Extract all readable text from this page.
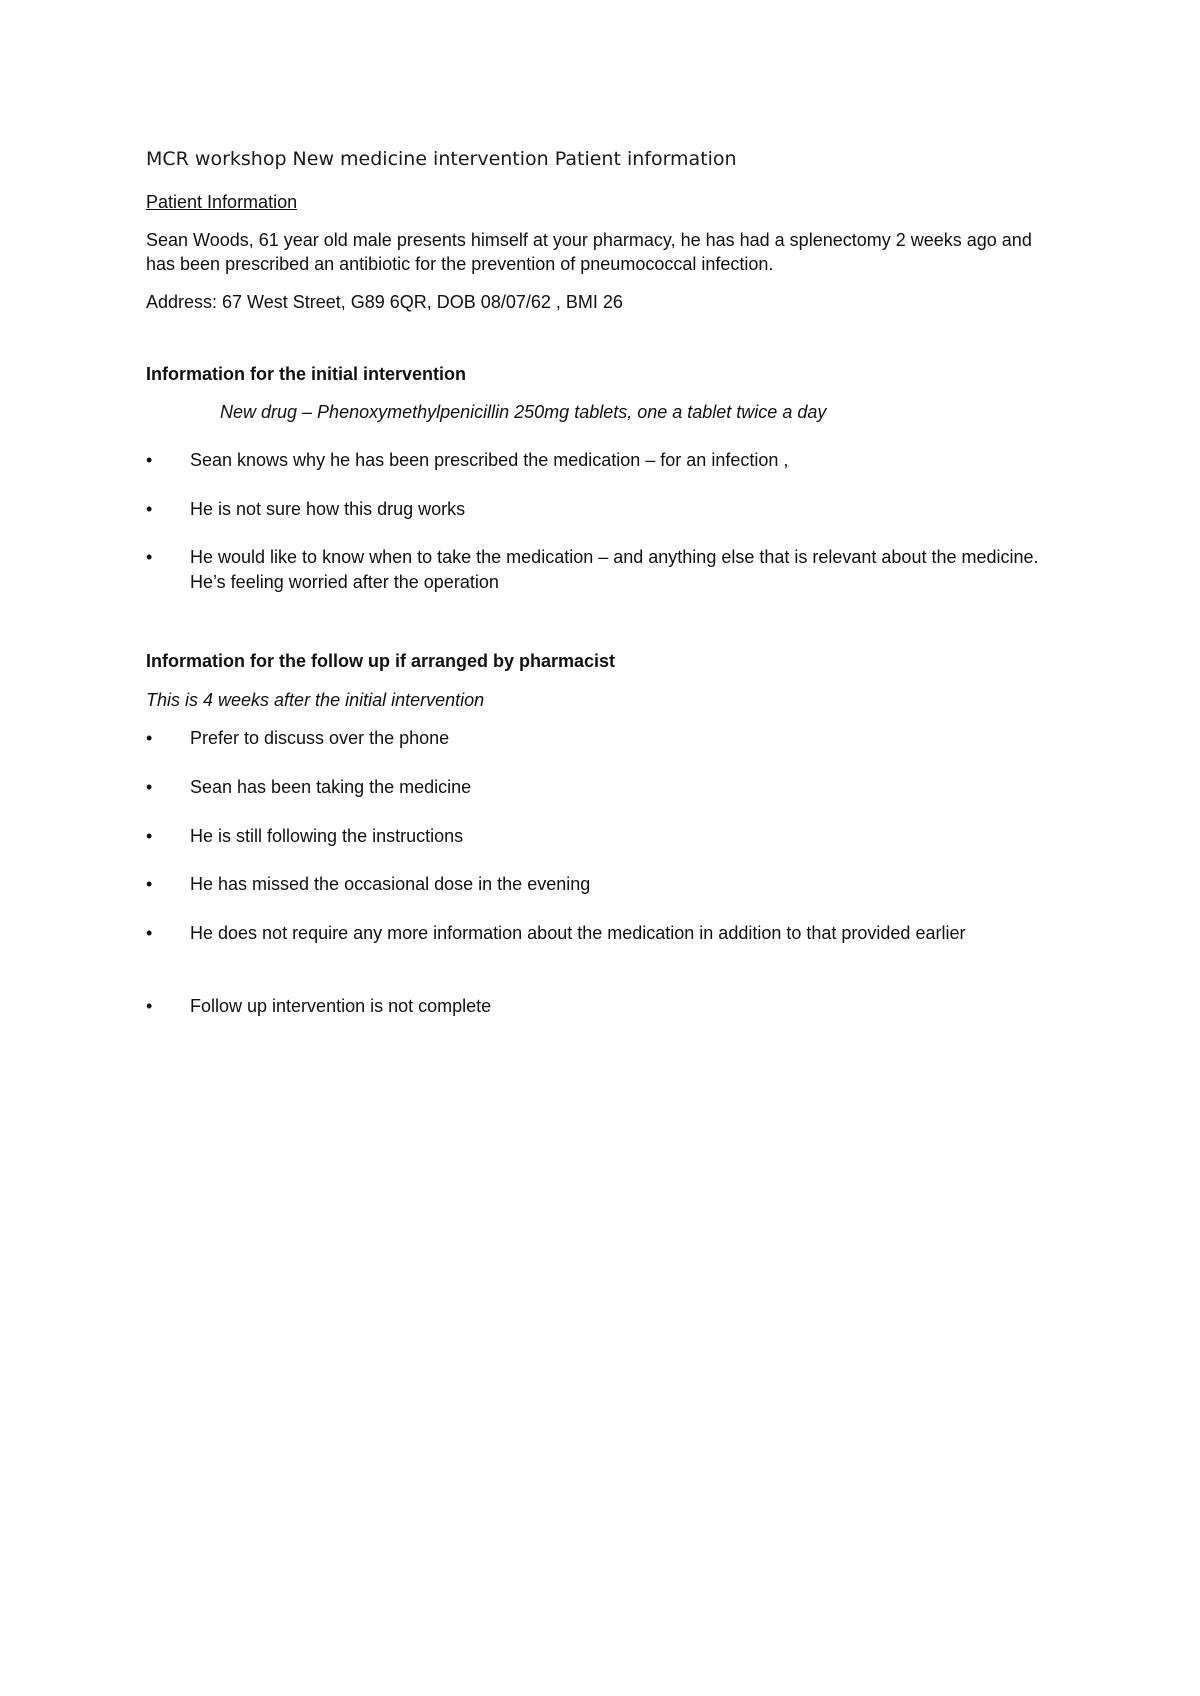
MCR workshop New medicine intervention Patient information
Patient Information
Sean Woods, 61 year old male presents himself at your pharmacy, he has had a splenectomy 2 weeks ago and
has been prescribed an antibiotic for the prevention of pneumococcal infection.
Address: 67 West Street, G89 6QR, DOB 08/07/62 , BMI 26
Information for the initial intervention
New drug – Phenoxymethylpenicillin 250mg tablets, one a tablet twice a day
•	Sean knows why he has been prescribed the medication – for an infection ,
•	He is not sure how this drug works
•	He would like to know when to take the medication – and anything else that is relevant about the medicine.
He’s feeling worried after the operation
Information for the follow up if arranged by pharmacist
This is 4 weeks after the initial intervention
•	Prefer to discuss over the phone
•	Sean has been taking the medicine
•	He is still following the instructions
•	He has missed the occasional dose in the evening
•	He does not require any more information about the medication in addition to that provided earlier
•	Follow up intervention is not complete
